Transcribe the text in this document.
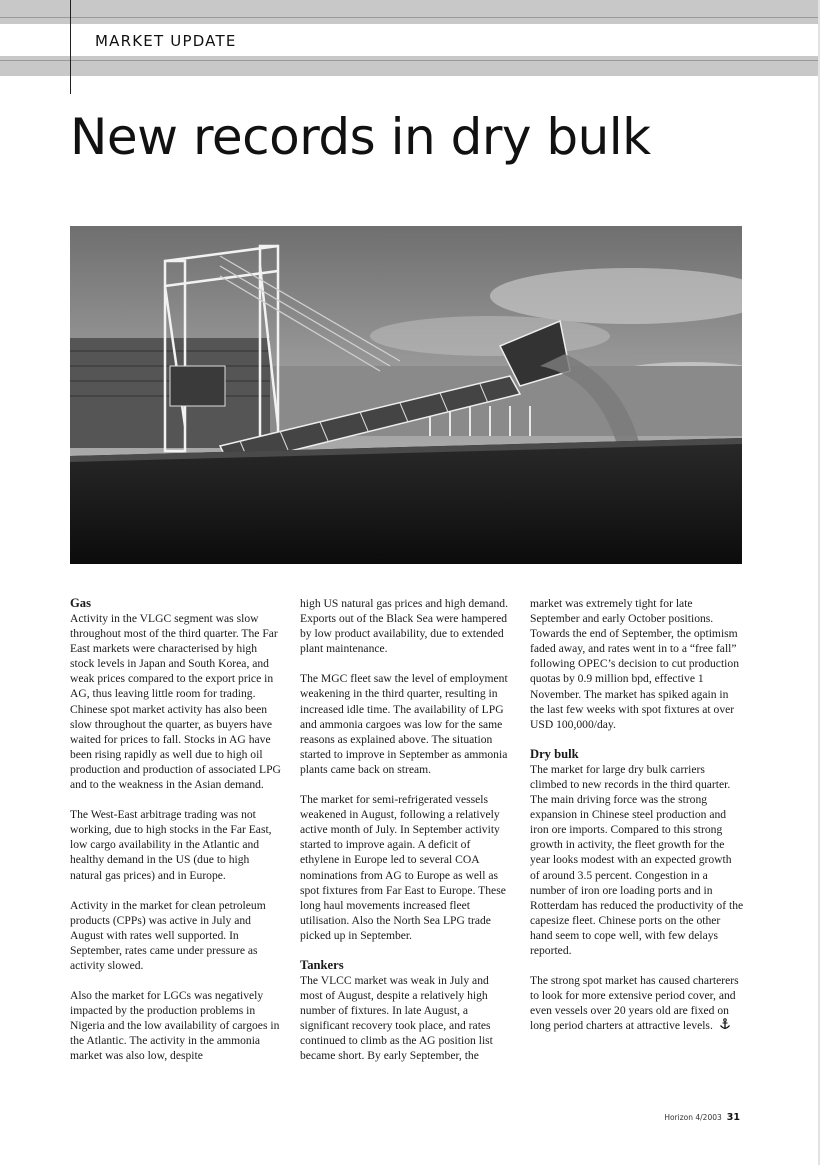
MARKET UPDATE
New records in dry bulk
Gas

Activity in the VLGC segment was slow throughout most of the third quarter. The Far East markets were characterised by high stock levels in Japan and South Korea, and weak prices compared to the export price in AG, thus leaving little room for trading. Chinese spot market activity has also been slow throughout the quarter, as buyers have waited for prices to fall. Stocks in AG have been rising rapidly as well due to high oil production and production of associated LPG and to the weakness in the Asian demand.

The West-East arbitrage trading was not working, due to high stocks in the Far East, low cargo availability in the Atlantic and healthy demand in the US (due to high natural gas prices) and in Europe.

Activity in the market for clean petroleum products (CPPs) was active in July and August with rates well supported. In September, rates came under pressure as activity slowed.

Also the market for LGCs was negatively impacted by the production problems in Nigeria and the low availability of cargoes in the Atlantic. The activity in the ammonia market was also low, despite

high US natural gas prices and high demand. Exports out of the Black Sea were hampered by low product availability, due to extended plant maintenance.

The MGC fleet saw the level of employment weakening in the third quarter, resulting in increased idle time. The availability of LPG and ammonia cargoes was low for the same reasons as explained above. The situation started to improve in September as ammonia plants came back on stream.

The market for semi-refrigerated vessels weakened in August, following a relatively active month of July. In September activity started to improve again. A deficit of ethylene in Europe led to several COA nominations from AG to Europe as well as spot fixtures from Far East to Europe. These long haul movements increased fleet utilisation. Also the North Sea LPG trade picked up in September.

Tankers

The VLCC market was weak in July and most of August, despite a relatively high number of fixtures. In late August, a significant recovery took place, and rates continued to climb as the AG position list became short. By early September, the

market was extremely tight for late September and early October positions. Towards the end of September, the optimism faded away, and rates went in to a “free fall” following OPEC’s decision to cut production quotas by 0.9 million bpd, effective 1 November. The market has spiked again in the last few weeks with spot fixtures at over USD 100,000/day.

Dry bulk

The market for large dry bulk carriers climbed to new records in the third quarter. The main driving force was the strong expansion in Chinese steel production and iron ore imports. Compared to this strong growth in activity, the fleet growth for the year looks modest with an expected growth of around 3.5 percent. Congestion in a number of iron ore loading ports and in Rotterdam has reduced the productivity of the capesize fleet. Chinese ports on the other hand seem to cope well, with few delays reported.

The strong spot market has caused charterers to look for more extensive period cover, and even vessels over 20 years old are fixed on long period charters at attractive levels.

Horizon 4/2003 31
